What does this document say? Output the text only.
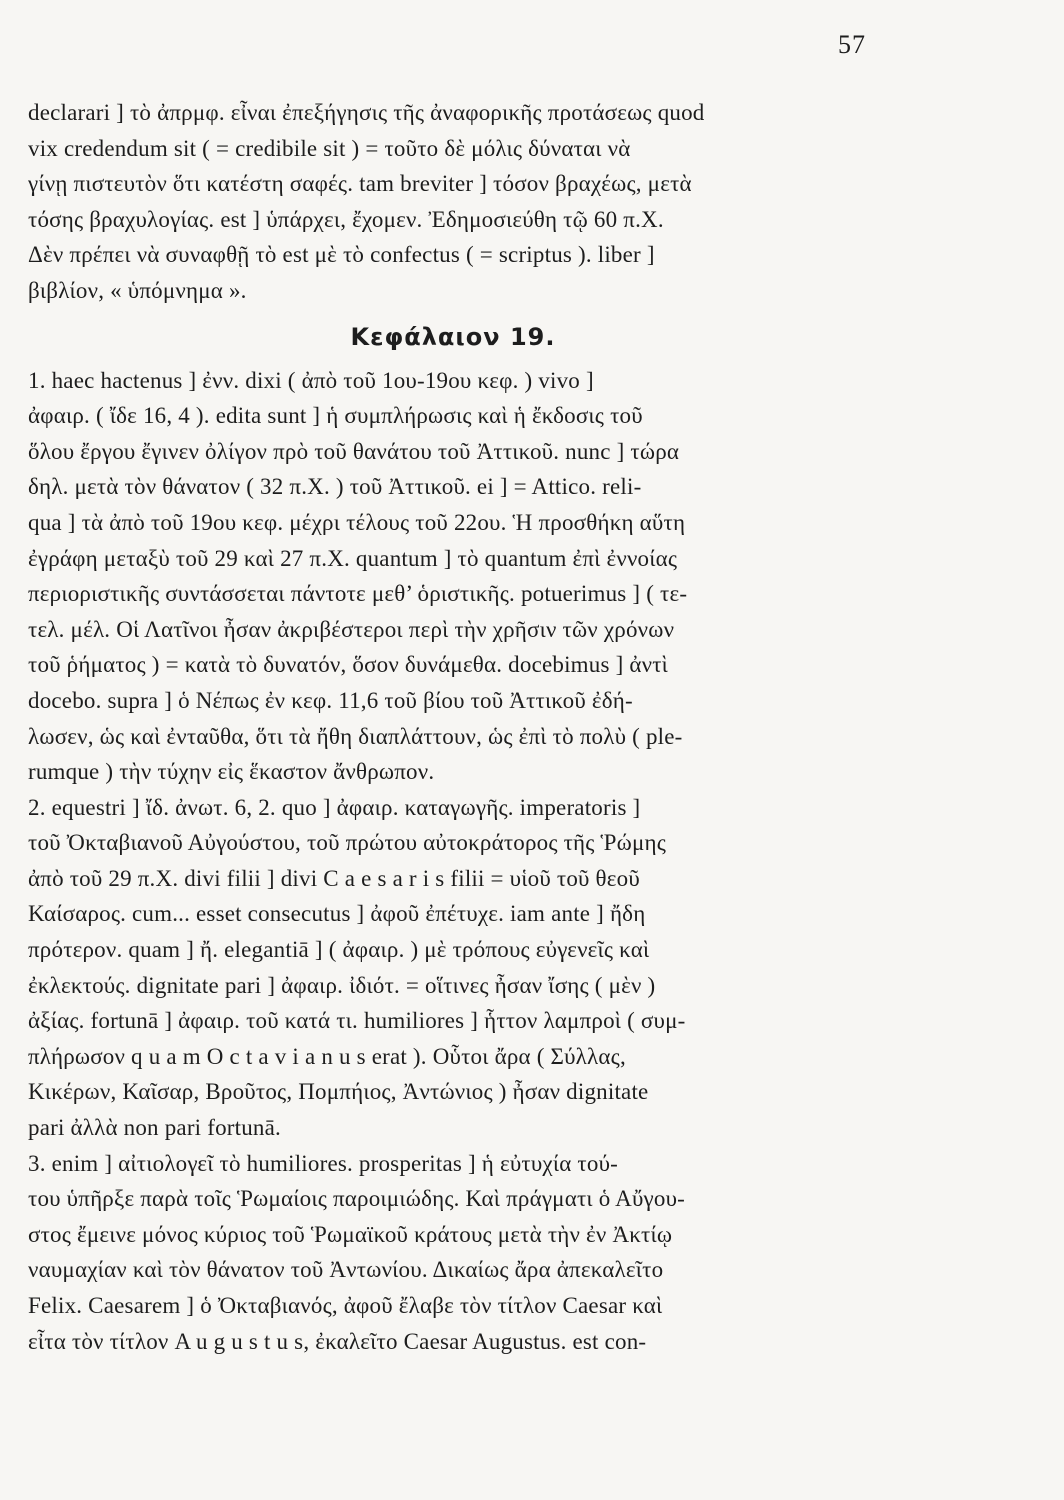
57
declarari ] τὸ ἀπρμφ. εἶναι ἐπεξήγησις τῆς ἀναφορικῆς προτάσεως quod
vix credendum sit ( = credibile sit ) = τοῦτο δὲ μόλις δύναται νὰ
γίνῃ πιστευτὸν ὅτι κατέστη σαφές. tam breviter ] τόσον βραχέως, μετὰ
τόσης βραχυλογίας. est ] ὑπάρχει, ἔχομεν. Ἐδημοσιεύθη τῷ 60 π.Χ.
Δὲν πρέπει νὰ συναφθῇ τὸ est μὲ τὸ confectus ( = scriptus ). liber ]
βιβλίον, « ὑπόμνημα ».
Κεφάλαιον 19.
1. haec hactenus ] ἐνν. dixi ( ἀπὸ τοῦ 1ου-19ου κεφ. ) vivo ]
ἀφαιρ. ( ἴδε 16, 4 ). edita sunt ] ἡ συμπλήρωσις καὶ ἡ ἔκδοσις τοῦ
ὅλου ἔργου ἔγινεν ὀλίγον πρὸ τοῦ θανάτου τοῦ Ἀττικοῦ. nunc ] τώρα
δηλ. μετὰ τὸν θάνατον ( 32 π.Χ. ) τοῦ Ἀττικοῦ. ei ] = Attico. reli-
qua ] τὰ ἀπὸ τοῦ 19ου κεφ. μέχρι τέλους τοῦ 22ου. Ἡ προσθήκη αὕτη
ἐγράφη μεταξὺ τοῦ 29 καὶ 27 π.Χ. quantum ] τὸ quantum ἐπὶ ἐννοίας
περιοριστικῆς συντάσσεται πάντοτε μεθ’ ὁριστικῆς. potuerimus ] ( τε-
τελ. μέλ. Οἱ Λατῖνοι ἦσαν ἀκριβέστεροι περὶ τὴν χρῆσιν τῶν χρόνων
τοῦ ῥήματος ) = κατὰ τὸ δυνατόν, ὅσον δυνάμεθα. docebimus ] ἀντὶ
docebo. supra ] ὁ Νέπως ἐν κεφ. 11,6 τοῦ βίου τοῦ Ἀττικοῦ ἐδή-
λωσεν, ὡς καὶ ἐνταῦθα, ὅτι τὰ ἤθη διαπλάττουν, ὡς ἐπὶ τὸ πολὺ ( ple-
rumque ) τὴν τύχην εἰς ἕκαστον ἄνθρωπον.
2. equestri ] ἴδ. ἀνωτ. 6, 2. quo ] ἀφαιρ. καταγωγῆς. imperatoris ]
τοῦ Ὀκταβιανοῦ Αὐγούστου, τοῦ πρώτου αὐτοκράτορος τῆς Ῥώμης
ἀπὸ τοῦ 29 π.Χ. divi filii ] divi C a e s a r i s filii = υἱοῦ τοῦ θεοῦ
Καίσαρος. cum... esset consecutus ] ἀφοῦ ἐπέτυχε. iam ante ] ἤδη
πρότερον. quam ] ἤ. elegantiā ] ( ἀφαιρ. ) μὲ τρόπους εὐγενεῖς καὶ
ἐκλεκτούς. dignitate pari ] ἀφαιρ. ἰδιότ. = οἵτινες ἦσαν ἴσης ( μὲν )
ἀξίας. fortunā ] ἀφαιρ. τοῦ κατά τι. humiliores ] ἧττον λαμπροὶ ( συμ-
πλήρωσον q u a m O c t a v i a n u s erat ). Οὗτοι ἄρα ( Σύλλας,
Κικέρων, Καῖσαρ, Βροῦτος, Πομπήιος, Ἀντώνιος ) ἦσαν dignitate
pari ἀλλὰ non pari fortunā.
3. enim ] αἰτιολογεῖ τὸ humiliores. prosperitas ] ἡ εὐτυχία τού-
του ὑπῆρξε παρὰ τοῖς Ῥωμαίοις παροιμιώδης. Καὶ πράγματι ὁ Αὔγου-
στος ἔμεινε μόνος κύριος τοῦ Ῥωμαϊκοῦ κράτους μετὰ τὴν ἐν Ἀκτίῳ
ναυμαχίαν καὶ τὸν θάνατον τοῦ Ἀντωνίου. Δικαίως ἄρα ἀπεκαλεῖτο
Felix. Caesarem ] ὁ Ὀκταβιανός, ἀφοῦ ἔλαβε τὸν τίτλον Caesar καὶ
εἶτα τὸν τίτλον A u g u s t u s, ἐκαλεῖτο Caesar Augustus. est con-
